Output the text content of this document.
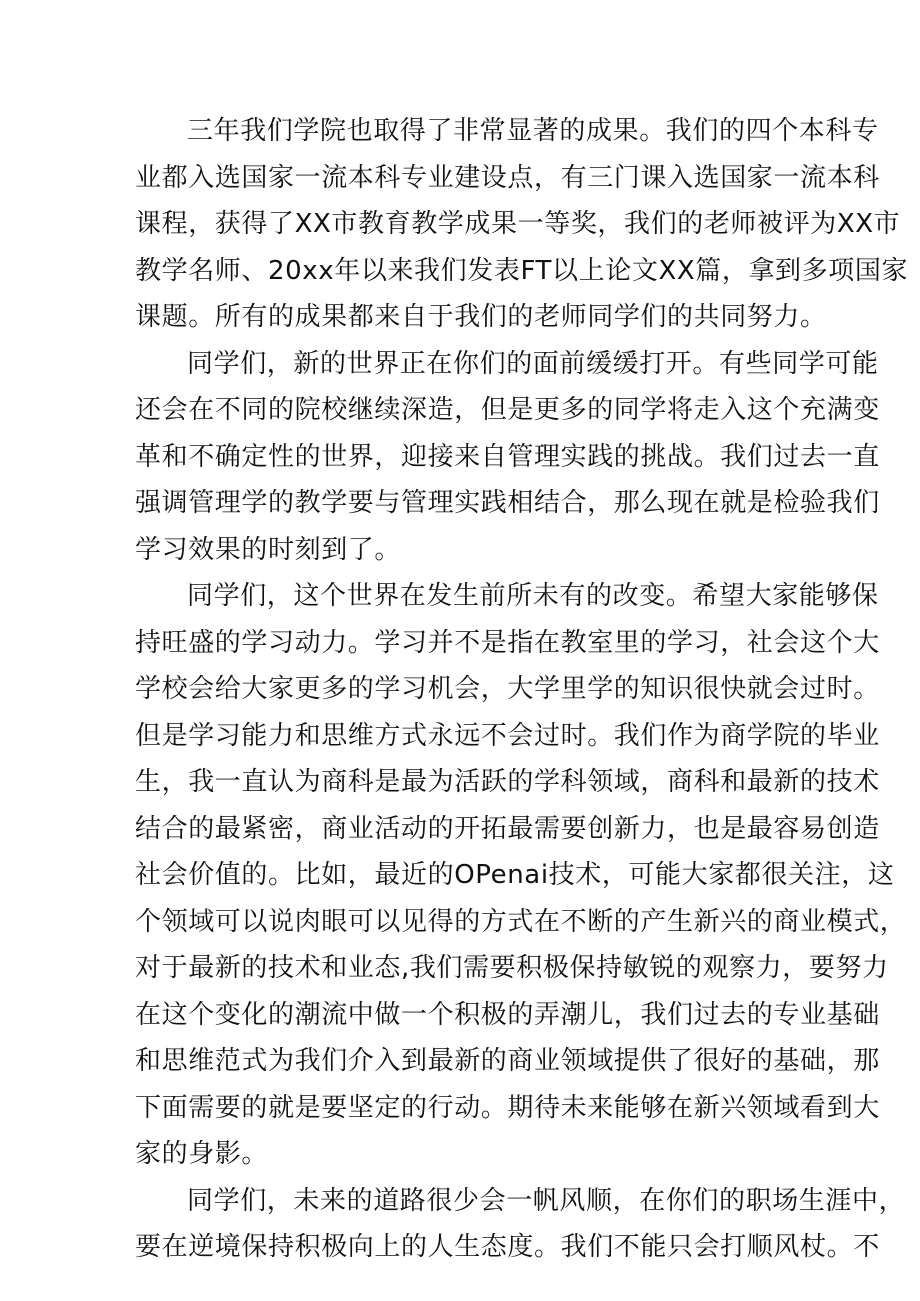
三年我们学院也取得了非常显著的成果。我们的四个本科专
业都入选国家一流本科专业建设点，有三门课入选国家一流本科
课程，获得了XX市教育教学成果一等奖，我们的老师被评为XX市
教学名师、20xx年以来我们发表FT以上论文XX篇，拿到多项国家
课题。所有的成果都来自于我们的老师同学们的共同努力。
同学们，新的世界正在你们的面前缓缓打开。有些同学可能
还会在不同的院校继续深造，但是更多的同学将走入这个充满变
革和不确定性的世界，迎接来自管理实践的挑战。我们过去一直
强调管理学的教学要与管理实践相结合，那么现在就是检验我们
学习效果的时刻到了。
同学们，这个世界在发生前所未有的改变。希望大家能够保
持旺盛的学习动力。学习并不是指在教室里的学习，社会这个大
学校会给大家更多的学习机会，大学里学的知识很快就会过时。
但是学习能力和思维方式永远不会过时。我们作为商学院的毕业
生，我一直认为商科是最为活跃的学科领域，商科和最新的技术
结合的最紧密，商业活动的开拓最需要创新力，也是最容易创造
社会价值的。比如，最近的OPenai技术，可能大家都很关注，这
个领域可以说肉眼可以见得的方式在不断的产生新兴的商业模式，
对于最新的技术和业态,我们需要积极保持敏锐的观察力，要努力
在这个变化的潮流中做一个积极的弄潮儿，我们过去的专业基础
和思维范式为我们介入到最新的商业领域提供了很好的基础，那
下面需要的就是要坚定的行动。期待未来能够在新兴领域看到大
家的身影。
同学们，未来的道路很少会一帆风顺，在你们的职场生涯中，
要在逆境保持积极向上的人生态度。我们不能只会打顺风杖。不
